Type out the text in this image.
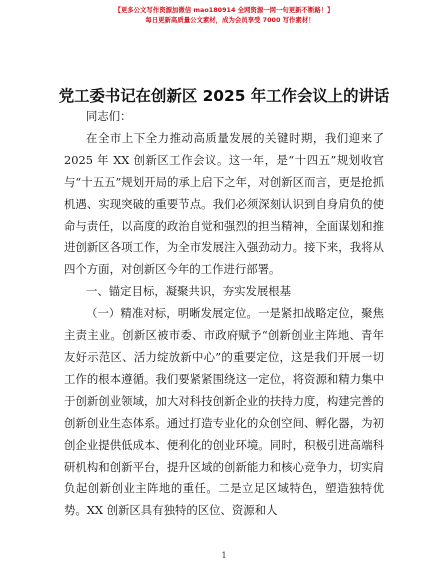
【更多公文写作资源加微信 mao180914 全网资源一网一句更新不断路！】
每日更新高质量公文素材，成为会员享受 7000 写作素材！
党工委书记在创新区 2025 年工作会议上的讲话

同志们：

在全市上下全力推动高质量发展的关键时期，我们迎来了 2025 年 XX 创新区工作会议。这一年，是“十四五”规划收官与“十五五”规划开局的承上启下之年，对创新区而言，更是抢抓机遇、实现突破的重要节点。我们必须深刻认识到自身肩负的使命与责任，以高度的政治自觉和强烈的担当精神，全面谋划和推进创新区各项工作，为全市发展注入强劲动力。接下来，我将从四个方面，对创新区今年的工作进行部署。

一、锚定目标，凝聚共识，夯实发展根基

（一）精准对标，明晰发展定位。一是紧扣战略定位，聚焦主责主业。创新区被市委、市政府赋予“创新创业主阵地、青年友好示范区、活力绽放新中心”的重要定位，这是我们开展一切工作的根本遵循。我们要紧紧围绕这一定位，将资源和精力集中于创新创业领域，加大对科技创新企业的扶持力度，构建完善的创新创业生态体系。通过打造专业化的众创空间、孵化器，为初创企业提供低成本、便利化的创业环境。同时，积极引进高端科研机构和创新平台，提升区域的创新能力和核心竞争力，切实肩负起创新创业主阵地的重任。二是立足区域特色，塑造独特优势。XX 创新区具有独特的区位、资源和人

1
